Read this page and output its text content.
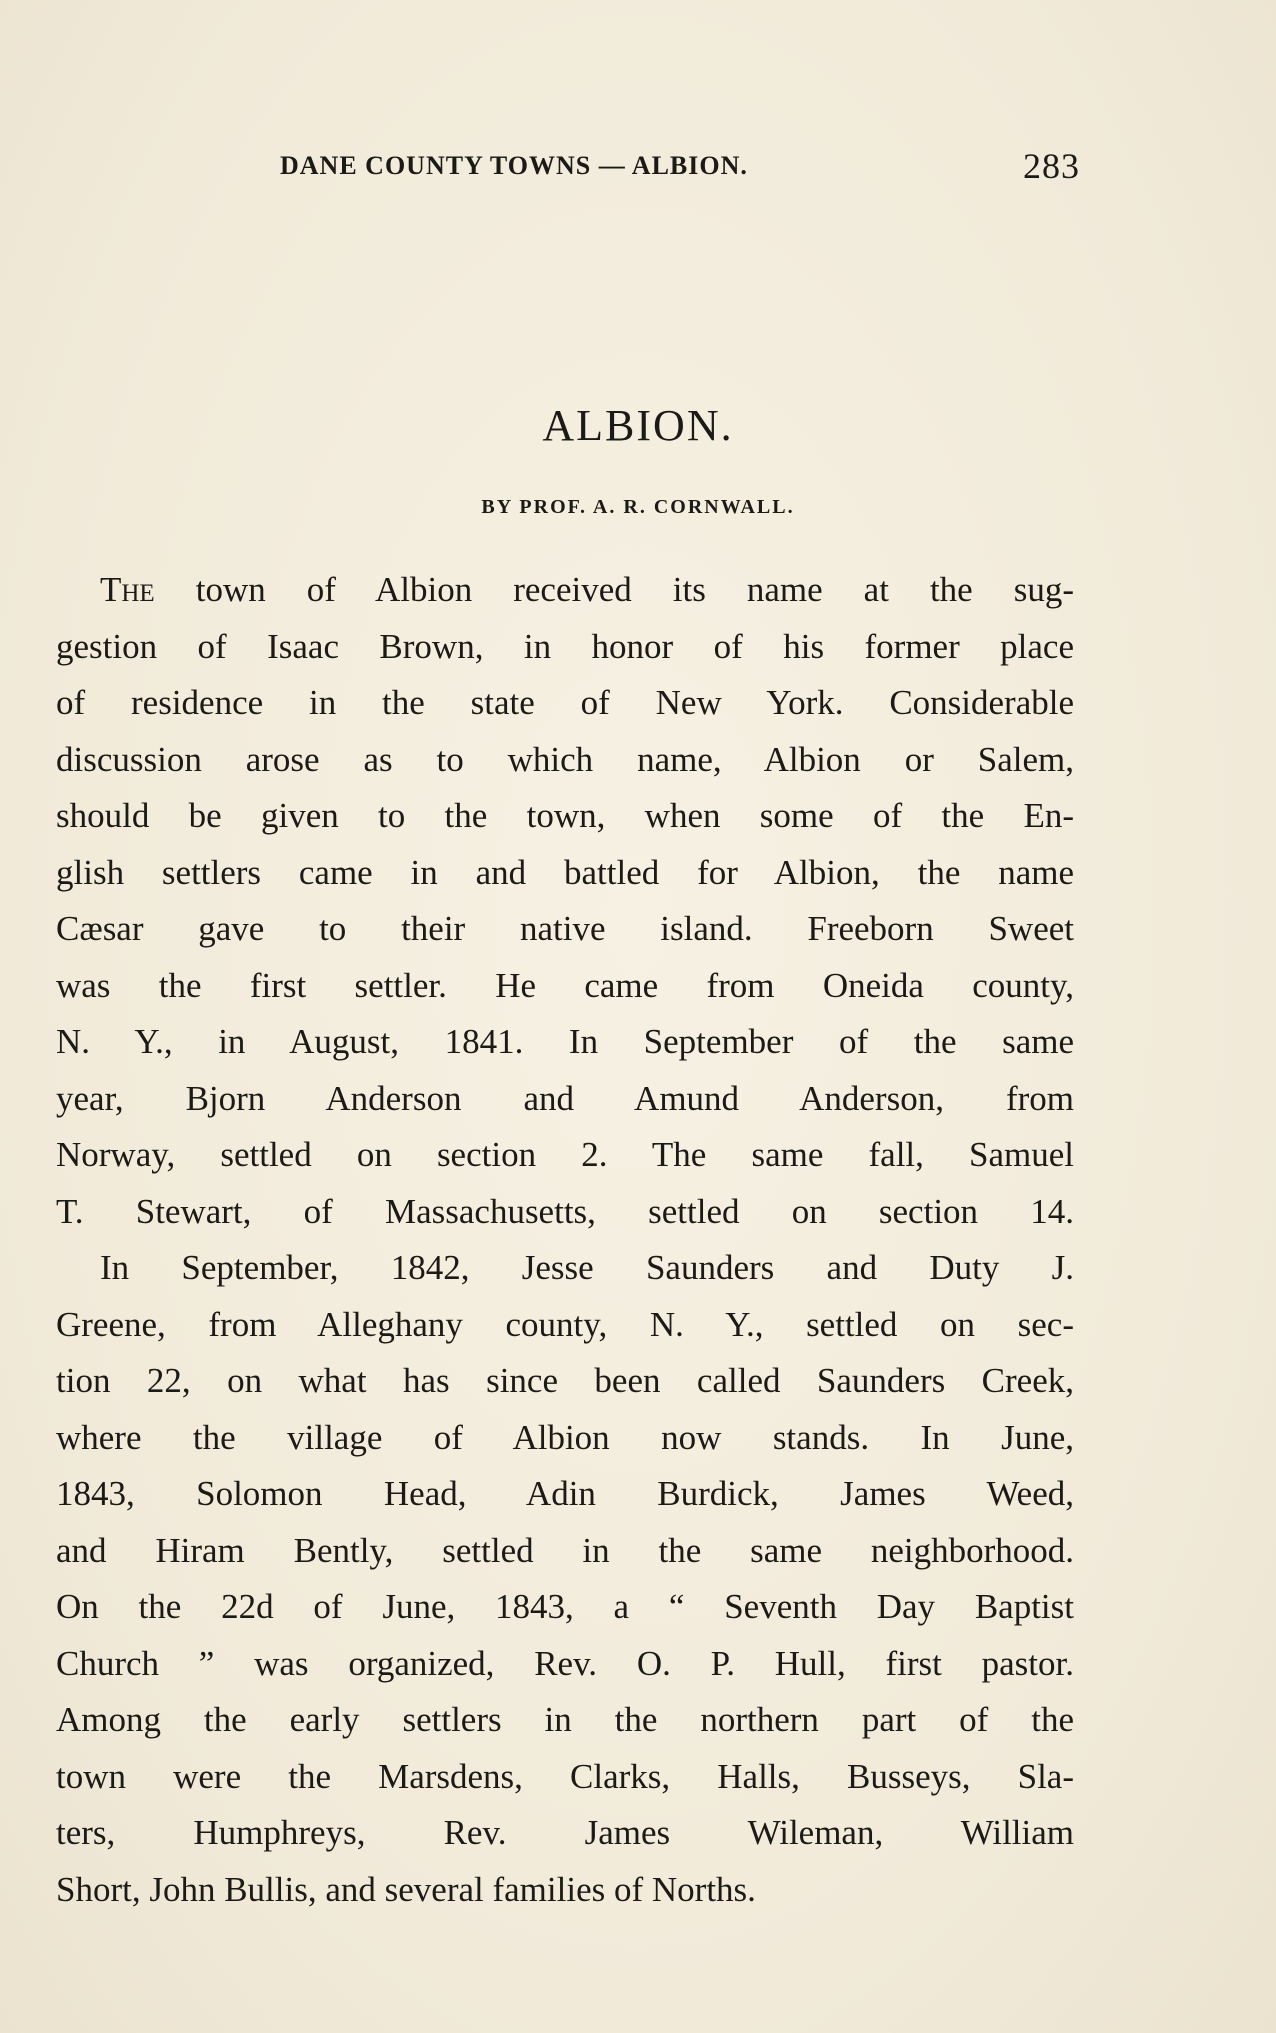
DANE COUNTY TOWNS — ALBION.	283
ALBION.
BY PROF. A. R. CORNWALL.
The town of Albion received its name at the sug-
gestion of Isaac Brown, in honor of his former place
of residence in the state of New York. Considerable
discussion arose as to which name, Albion or Salem,
should be given to the town, when some of the En-
glish settlers came in and battled for Albion, the name
Cæsar gave to their native island. Freeborn Sweet
was the first settler. He came from Oneida county,
N. Y., in August, 1841. In September of the same
year, Bjorn Anderson and Amund Anderson, from
Norway, settled on section 2. The same fall, Samuel
T. Stewart, of Massachusetts, settled on section 14.
In September, 1842, Jesse Saunders and Duty J.
Greene, from Alleghany county, N. Y., settled on sec-
tion 22, on what has since been called Saunders Creek,
where the village of Albion now stands. In June,
1843, Solomon Head, Adin Burdick, James Weed,
and Hiram Bently, settled in the same neighborhood.
On the 22d of June, 1843, a “ Seventh Day Baptist
Church ” was organized, Rev. O. P. Hull, first pastor.
Among the early settlers in the northern part of the
town were the Marsdens, Clarks, Halls, Busseys, Sla-
ters, Humphreys, Rev. James Wileman, William
Short, John Bullis, and several families of Norths.
